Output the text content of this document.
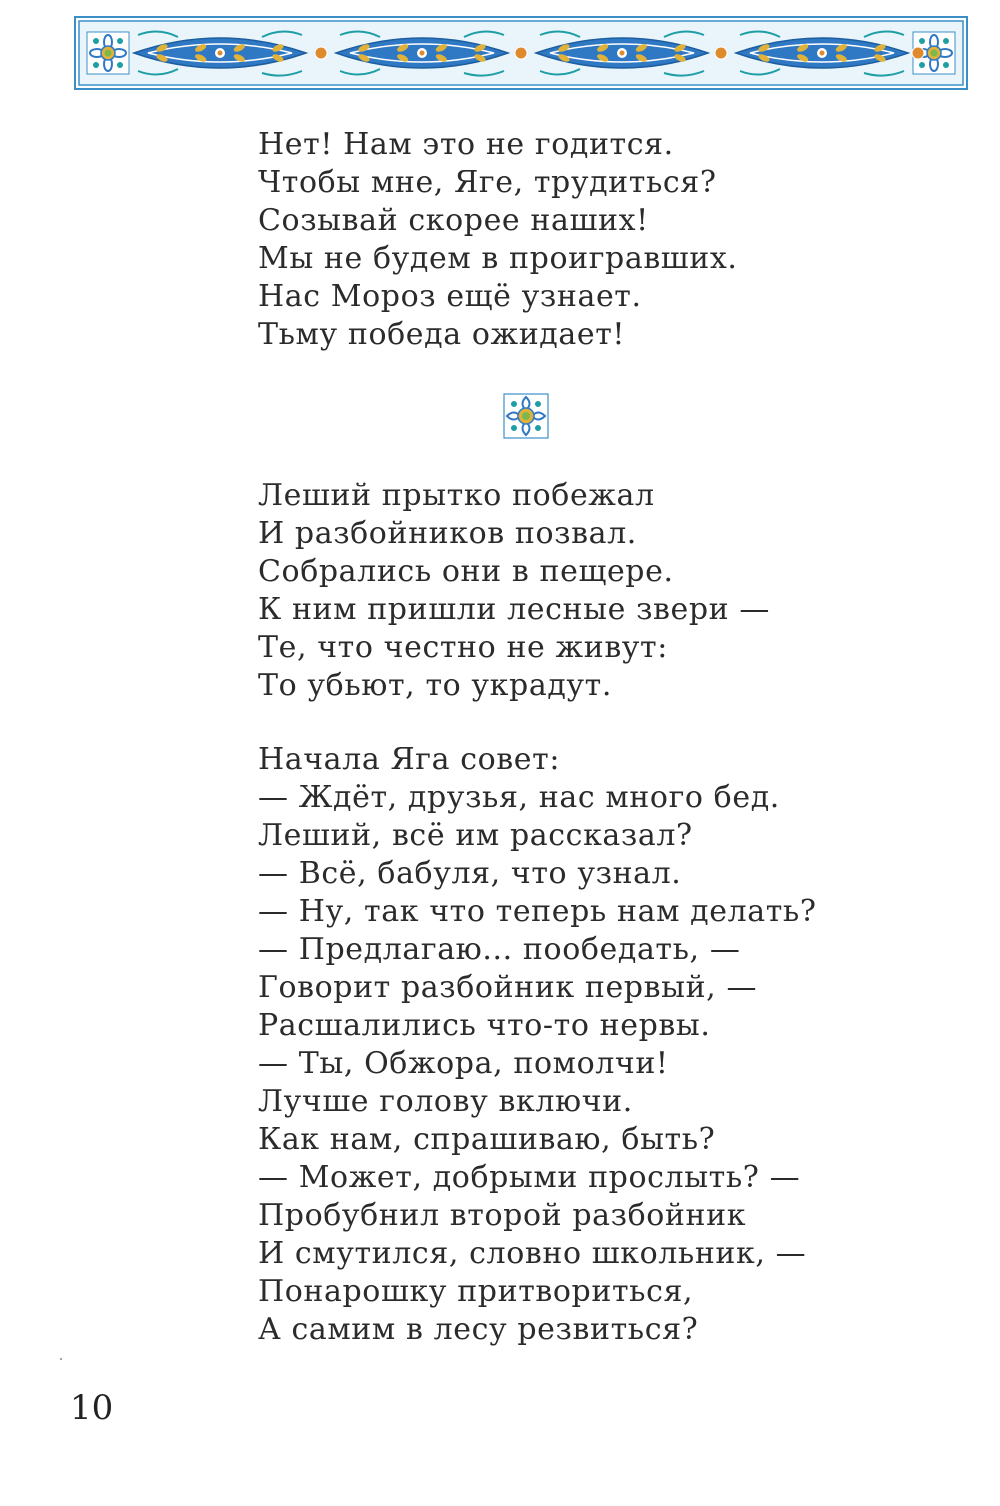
Нет! Нам это не годится.
Чтобы мне, Яге, трудиться?
Созывай скорее наших!
Мы не будем в проигравших.
Нас Мороз ещё узнает.
Тьму победа ожидает!
Леший прытко побежал
И разбойников позвал.
Собрались они в пещере.
К ним пришли лесные звери —
Те, что честно не живут:
То убьют, то украдут.
Начала Яга совет:
— Ждёт, друзья, нас много бед.
Леший, всё им рассказал?
— Всё, бабуля, что узнал.
— Ну, так что теперь нам делать?
— Предлагаю... пообедать, —
Говорит разбойник первый, —
Расшалились что-то нервы.
— Ты, Обжора, помолчи!
Лучше голову включи.
Как нам, спрашиваю, быть?
— Может, добрыми прослыть? —
Пробубнил второй разбойник
И смутился, словно школьник, —
Понарошку притвориться,
А самим в лесу резвиться?
10
